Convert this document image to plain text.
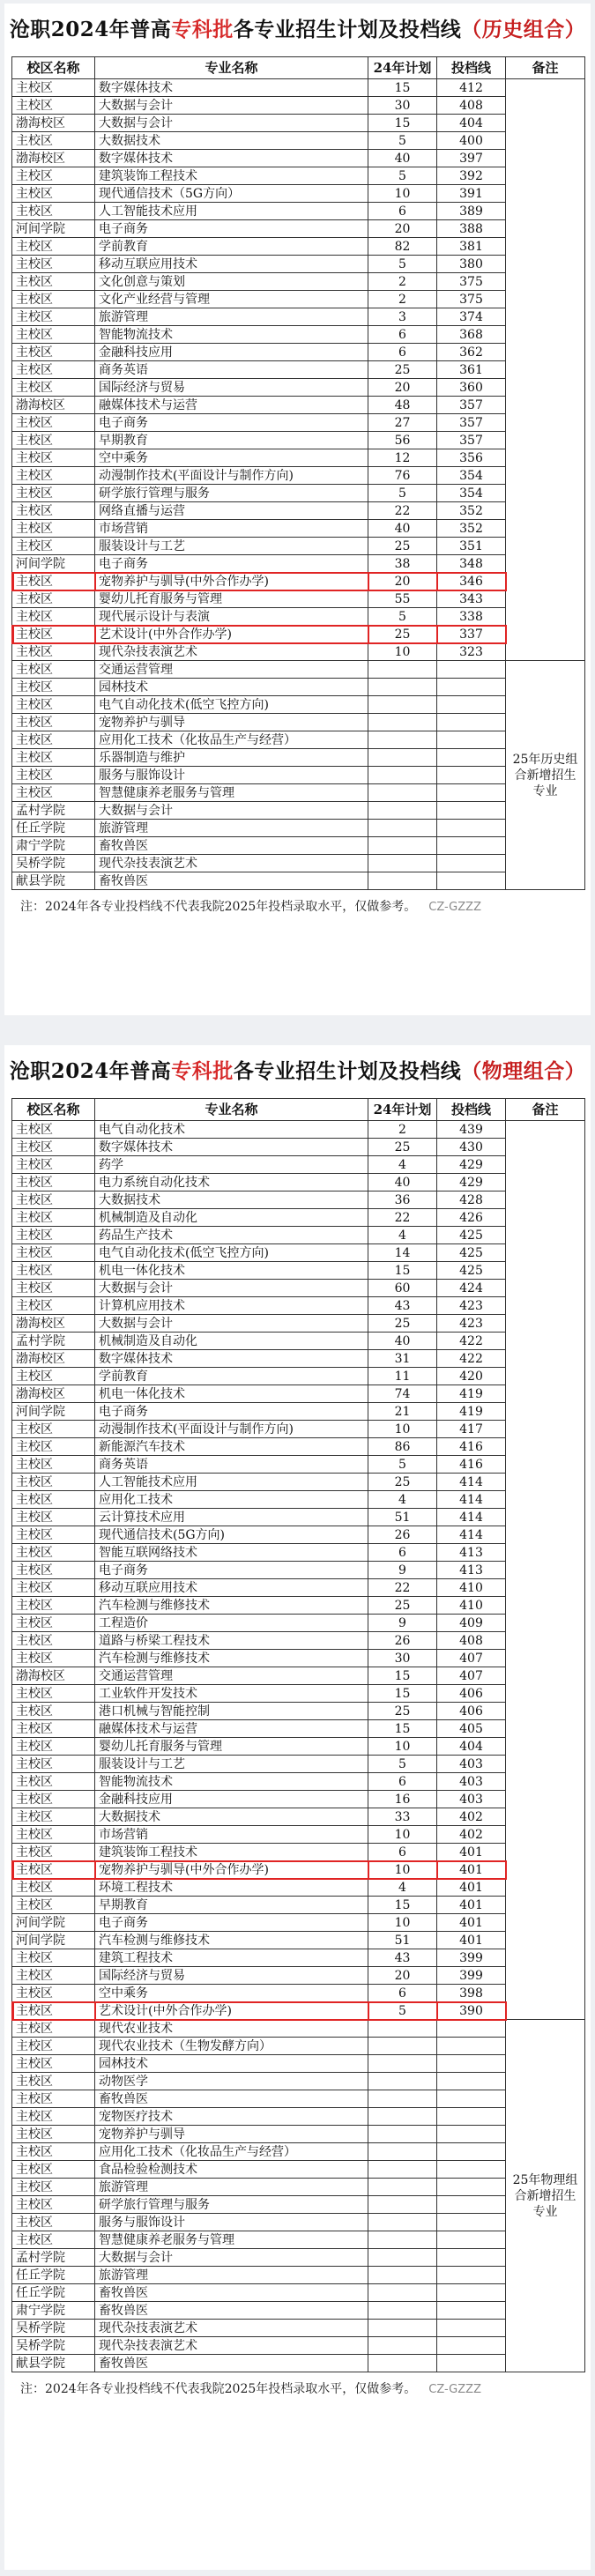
沧职2024年普高专科批各专业招生计划及投档线（历史组合）
校区名称	专业名称	24年计划	投档线	备注
主校区	数字媒体技术	15	412	
主校区	大数据与会计	30	408	
渤海校区	大数据与会计	15	404	
主校区	大数据技术	5	400	
渤海校区	数字媒体技术	40	397	
主校区	建筑装饰工程技术	5	392	
主校区	现代通信技术（5G方向）	10	391	
主校区	人工智能技术应用	6	389	
河间学院	电子商务	20	388	
主校区	学前教育	82	381	
主校区	移动互联应用技术	5	380	
主校区	文化创意与策划	2	375	
主校区	文化产业经营与管理	2	375	
主校区	旅游管理	3	374	
主校区	智能物流技术	6	368	
主校区	金融科技应用	6	362	
主校区	商务英语	25	361	
主校区	国际经济与贸易	20	360	
渤海校区	融媒体技术与运营	48	357	
主校区	电子商务	27	357	
主校区	早期教育	56	357	
主校区	空中乘务	12	356	
主校区	动漫制作技术(平面设计与制作方向)	76	354	
主校区	研学旅行管理与服务	5	354	
主校区	网络直播与运营	22	352	
主校区	市场营销	40	352	
主校区	服装设计与工艺	25	351	
河间学院	电子商务	38	348	
主校区	宠物养护与驯导(中外合作办学)	20	346	
主校区	婴幼儿托育服务与管理	55	343	
主校区	现代展示设计与表演	5	338	
主校区	艺术设计(中外合作办学)	25	337	
主校区	现代杂技表演艺术	10	323	
主校区	交通运营管理			25年历史组合新增招生专业
主校区	园林技术			
主校区	电气自动化技术(低空飞控方向)			
主校区	宠物养护与驯导			
主校区	应用化工技术（化妆品生产与经营）			
主校区	乐器制造与维护			
主校区	服务与服饰设计			
主校区	智慧健康养老服务与管理			
孟村学院	大数据与会计			
任丘学院	旅游管理			
肃宁学院	畜牧兽医			
吴桥学院	现代杂技表演艺术			
献县学院	畜牧兽医			
注：2024年各专业投档线不代表我院2025年投档录取水平，仅做参考。 CZ-GZZZ
沧职2024年普高专科批各专业招生计划及投档线（物理组合）
校区名称	专业名称	24年计划	投档线	备注
主校区	电气自动化技术	2	439	
主校区	数字媒体技术	25	430	
主校区	药学	4	429	
主校区	电力系统自动化技术	40	429	
主校区	大数据技术	36	428	
主校区	机械制造及自动化	22	426	
主校区	药品生产技术	4	425	
主校区	电气自动化技术(低空飞控方向)	14	425	
主校区	机电一体化技术	15	425	
主校区	大数据与会计	60	424	
主校区	计算机应用技术	43	423	
渤海校区	大数据与会计	25	423	
孟村学院	机械制造及自动化	40	422	
渤海校区	数字媒体技术	31	422	
主校区	学前教育	11	420	
渤海校区	机电一体化技术	74	419	
河间学院	电子商务	21	419	
主校区	动漫制作技术(平面设计与制作方向)	10	417	
主校区	新能源汽车技术	86	416	
主校区	商务英语	5	416	
主校区	人工智能技术应用	25	414	
主校区	应用化工技术	4	414	
主校区	云计算技术应用	51	414	
主校区	现代通信技术(5G方向)	26	414	
主校区	智能互联网络技术	6	413	
主校区	电子商务	9	413	
主校区	移动互联应用技术	22	410	
主校区	汽车检测与维修技术	25	410	
主校区	工程造价	9	409	
主校区	道路与桥梁工程技术	26	408	
主校区	汽车检测与维修技术	30	407	
渤海校区	交通运营管理	15	407	
主校区	工业软件开发技术	15	406	
主校区	港口机械与智能控制	25	406	
主校区	融媒体技术与运营	15	405	
主校区	婴幼儿托育服务与管理	10	404	
主校区	服装设计与工艺	5	403	
主校区	智能物流技术	6	403	
主校区	金融科技应用	16	403	
主校区	大数据技术	33	402	
主校区	市场营销	10	402	
主校区	建筑装饰工程技术	6	401	
主校区	宠物养护与驯导(中外合作办学)	10	401	
主校区	环境工程技术	4	401	
主校区	早期教育	15	401	
河间学院	电子商务	10	401	
河间学院	汽车检测与维修技术	51	401	
主校区	建筑工程技术	43	399	
主校区	国际经济与贸易	20	399	
主校区	空中乘务	6	398	
主校区	艺术设计(中外合作办学)	5	390	
主校区	现代农业技术			25年物理组合新增招生专业
主校区	现代农业技术（生物发酵方向）			
主校区	园林技术			
主校区	动物医学			
主校区	畜牧兽医			
主校区	宠物医疗技术			
主校区	宠物养护与驯导			
主校区	应用化工技术（化妆品生产与经营）			
主校区	食品检验检测技术			
主校区	旅游管理			
主校区	研学旅行管理与服务			
主校区	服务与服饰设计			
主校区	智慧健康养老服务与管理			
孟村学院	大数据与会计			
任丘学院	旅游管理			
任丘学院	畜牧兽医			
肃宁学院	畜牧兽医			
吴桥学院	现代杂技表演艺术			
吴桥学院	现代杂技表演艺术			
献县学院	畜牧兽医			
注：2024年各专业投档线不代表我院2025年投档录取水平，仅做参考。 CZ-GZZZ
